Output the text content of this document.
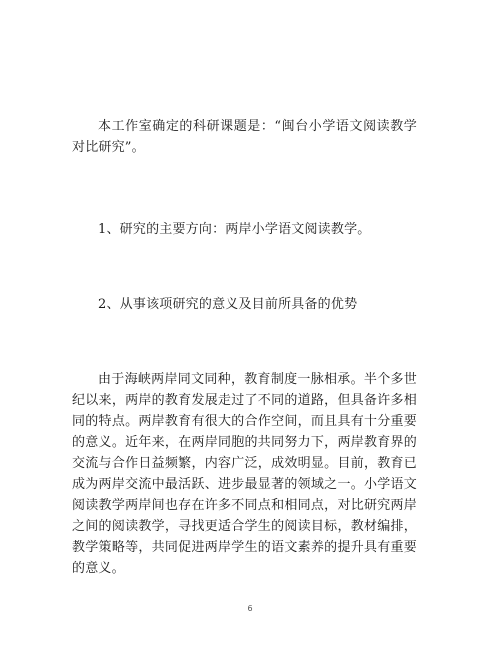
本工作室确定的科研课题是：“闽台小学语文阅读教学对比研究”。

1、研究的主要方向：两岸小学语文阅读教学。

2、从事该项研究的意义及目前所具备的优势

由于海峡两岸同文同种，教育制度一脉相承。半个多世纪以来，两岸的教育发展走过了不同的道路，但具备许多相同的特点。两岸教育有很大的合作空间，而且具有十分重要的意义。近年来，在两岸同胞的共同努力下，两岸教育界的交流与合作日益频繁，内容广泛，成效明显。目前，教育已成为两岸交流中最活跃、进步最显著的领域之一。小学语文阅读教学两岸间也存在许多不同点和相同点，对比研究两岸之间的阅读教学，寻找更适合学生的阅读目标，教材编排，教学策略等，共同促进两岸学生的语文素养的提升具有重要的意义。

6
